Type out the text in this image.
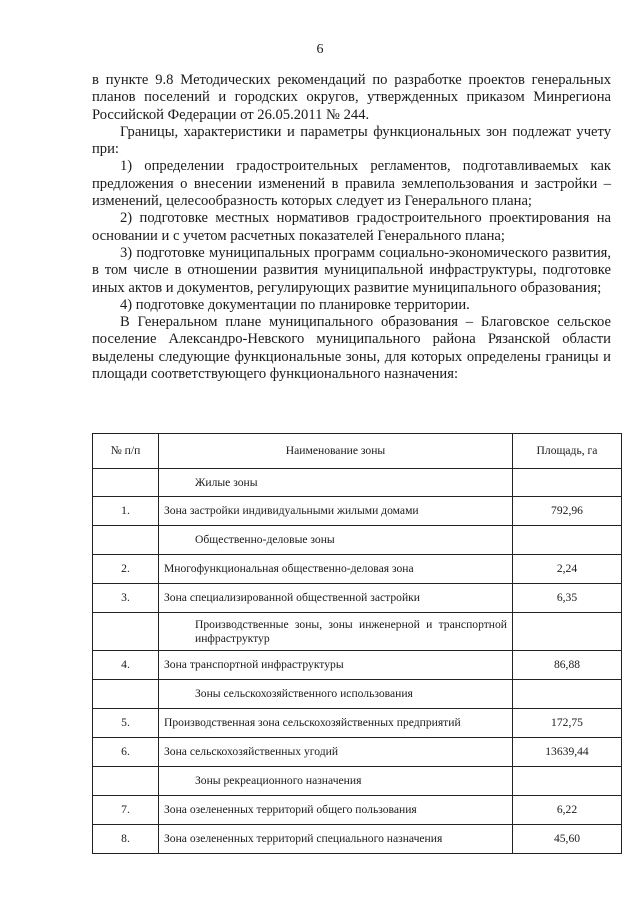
6

в пункте 9.8 Методических рекомендаций по разработке проектов генеральных планов поселений и городских округов, утвержденных приказом Минрегиона Российской Федерации от 26.05.2011 № 244.

Границы, характеристики и параметры функциональных зон подлежат учету при:

1) определении градостроительных регламентов, подготавливаемых как предложения о внесении изменений в правила землепользования и застройки – изменений, целесообразность которых следует из Генерального плана;

2) подготовке местных нормативов градостроительного проектирования на основании и с учетом расчетных показателей Генерального плана;

3) подготовке муниципальных программ социально-экономического развития, в том числе в отношении развития муниципальной инфраструктуры, подготовке иных актов и документов, регулирующих развитие муниципального образования;

4) подготовке документации по планировке территории.

В Генеральном плане муниципального образования – Благовское сельское поселение Александро-Невского муниципального района Рязанской области выделены следующие функциональные зоны, для которых определены границы и площади соответствующего функционального назначения:

№ п/п	Наименование зоны	Площадь, га
	Жилые зоны	
1.	Зона застройки индивидуальными жилыми домами	792,96
	Общественно-деловые зоны	
2.	Многофункциональная общественно-деловая зона	2,24
3.	Зона специализированной общественной застройки	6,35
	Производственные зоны, зоны инженерной и транспортной инфраструктур	
4.	Зона транспортной инфраструктуры	86,88
	Зоны сельскохозяйственного использования	
5.	Производственная зона сельскохозяйственных предприятий	172,75
6.	Зона сельскохозяйственных угодий	13639,44
	Зоны рекреационного назначения	
7.	Зона озелененных территорий общего пользования	6,22
8.	Зона озелененных территорий специального назначения	45,60
